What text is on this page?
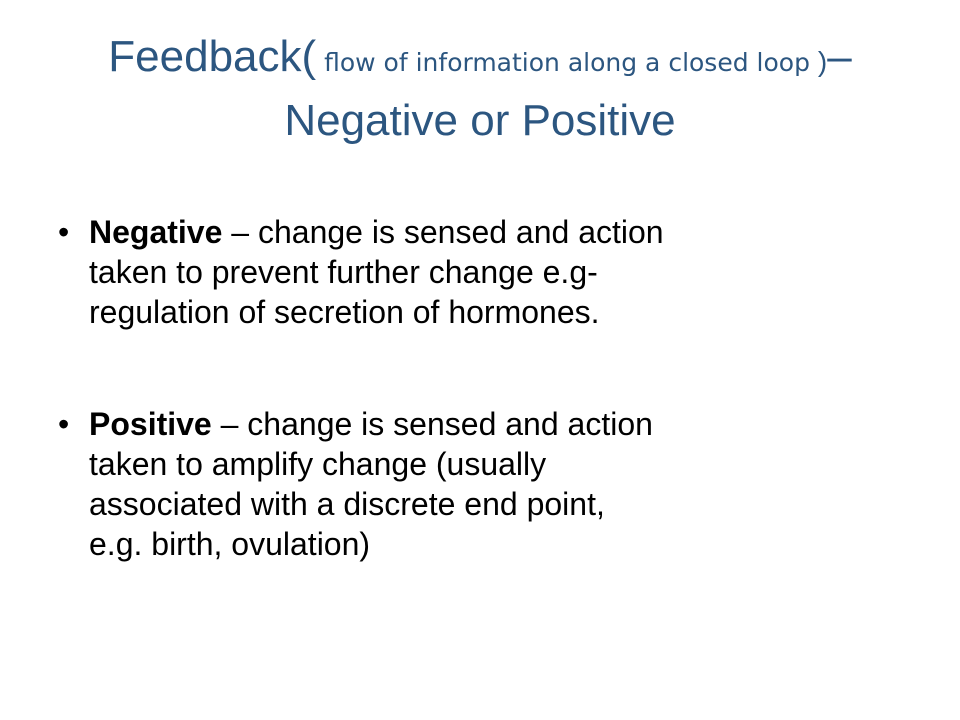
Feedback( flow of information along a closed loop )–
Negative or Positive
• Negative – change is sensed and action
taken to prevent further change e.g-
regulation of secretion of hormones.
• Positive – change is sensed and action
taken to amplify change (usually
associated with a discrete end point,
e.g. birth, ovulation)
